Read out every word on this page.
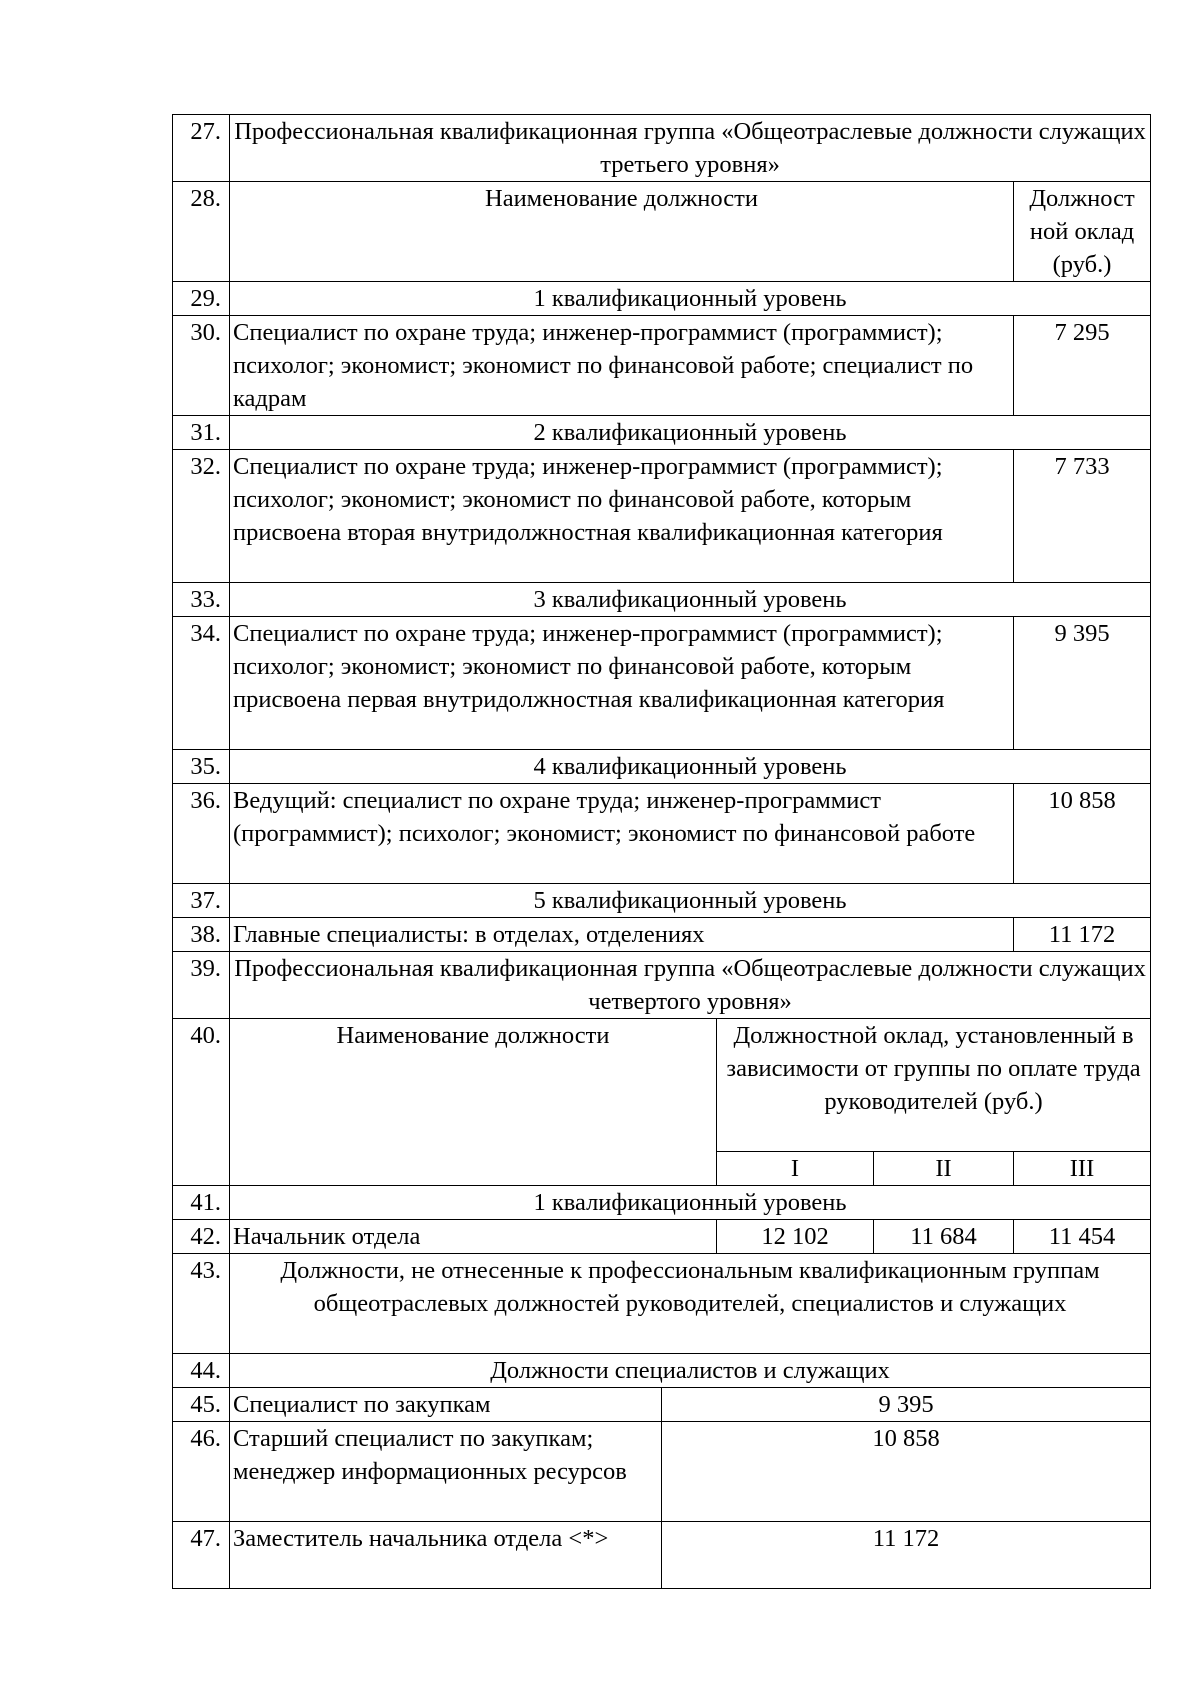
27.	Профессиональная квалификационная группа «Общеотраслевые должности служащих третьего уровня»				
28.	Наименование должности				Должност ной оклад (руб.)
29.	1 квалификационный уровень				
30.	Специалист по охране труда; инженер-программист (программист); психолог; экономист; экономист по финансовой работе; специалист по кадрам				7 295
31.	2 квалификационный уровень				
32.	Специалист по охране труда; инженер-программист (программист); психолог; экономист; экономист по финансовой работе, которым присвоена вторая внутридолжностная квалификационная категория				7 733
33.	3 квалификационный уровень				
34.	Специалист по охране труда; инженер-программист (программист); психолог; экономист; экономист по финансовой работе, которым присвоена первая внутридолжностная квалификационная категория				9 395
35.	4 квалификационный уровень				
36.	Ведущий: специалист по охране труда; инженер-программист (программист); психолог; экономист; экономист по финансовой работе				10 858
37.	5 квалификационный уровень				
38.	Главные специалисты: в отделах, отделениях				11 172
39.	Профессиональная квалификационная группа «Общеотраслевые должности служащих четвертого уровня»				
40.	Наименование должности		Должностной оклад, установленный в зависимости от группы по оплате труда руководителей (руб.)		
			I	II	III
41.	1 квалификационный уровень				
42.	Начальник отдела		12 102	11 684	11 454
43.	Должности, не отнесенные к профессиональным квалификационным группам общеотраслевых должностей руководителей, специалистов и служащих				
44.	Должности специалистов и служащих				
45.	Специалист по закупкам	9 395			
46.	Старший специалист по закупкам; менеджер информационных ресурсов	10 858			
47.	Заместитель начальника отдела <*>	11 172			
